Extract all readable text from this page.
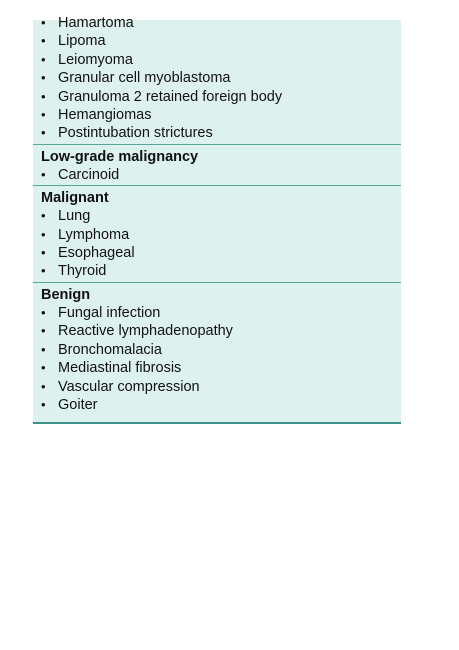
• Hamartoma
• Lipoma
• Leiomyoma
• Granular cell myoblastoma
• Granuloma 2 retained foreign body
• Hemangiomas
• Postintubation strictures
Low-grade malignancy
• Carcinoid
Malignant
• Lung
• Lymphoma
• Esophageal
• Thyroid
Benign
• Fungal infection
• Reactive lymphadenopathy
• Bronchomalacia
• Mediastinal fibrosis
• Vascular compression
• Goiter
